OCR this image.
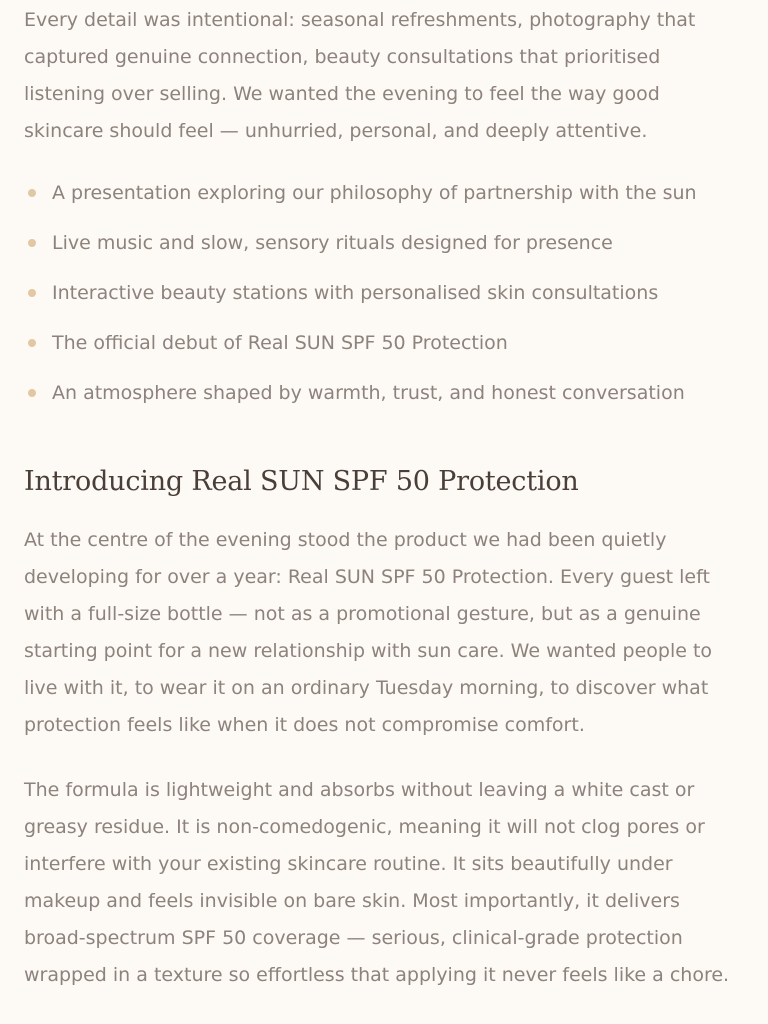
Every detail was intentional: seasonal refreshments, photography that captured genuine connection, beauty consultations that prioritised listening over selling. We wanted the evening to feel the way good skincare should feel — unhurried, personal, and deeply attentive.

A presentation exploring our philosophy of partnership with the sun
Live music and slow, sensory rituals designed for presence
Interactive beauty stations with personalised skin consultations
The official debut of Real SUN SPF 50 Protection
An atmosphere shaped by warmth, trust, and honest conversation
Introducing Real SUN SPF 50 Protection

At the centre of the evening stood the product we had been quietly developing for over a year: Real SUN SPF 50 Protection. Every guest left with a full-size bottle — not as a promotional gesture, but as a genuine starting point for a new relationship with sun care. We wanted people to live with it, to wear it on an ordinary Tuesday morning, to discover what protection feels like when it does not compromise comfort.

The formula is lightweight and absorbs without leaving a white cast or greasy residue. It is non-comedogenic, meaning it will not clog pores or interfere with your existing skincare routine. It sits beautifully under makeup and feels invisible on bare skin. Most importantly, it delivers broad-spectrum SPF 50 coverage — serious, clinical-grade protection wrapped in a texture so effortless that applying it never feels like a chore.
